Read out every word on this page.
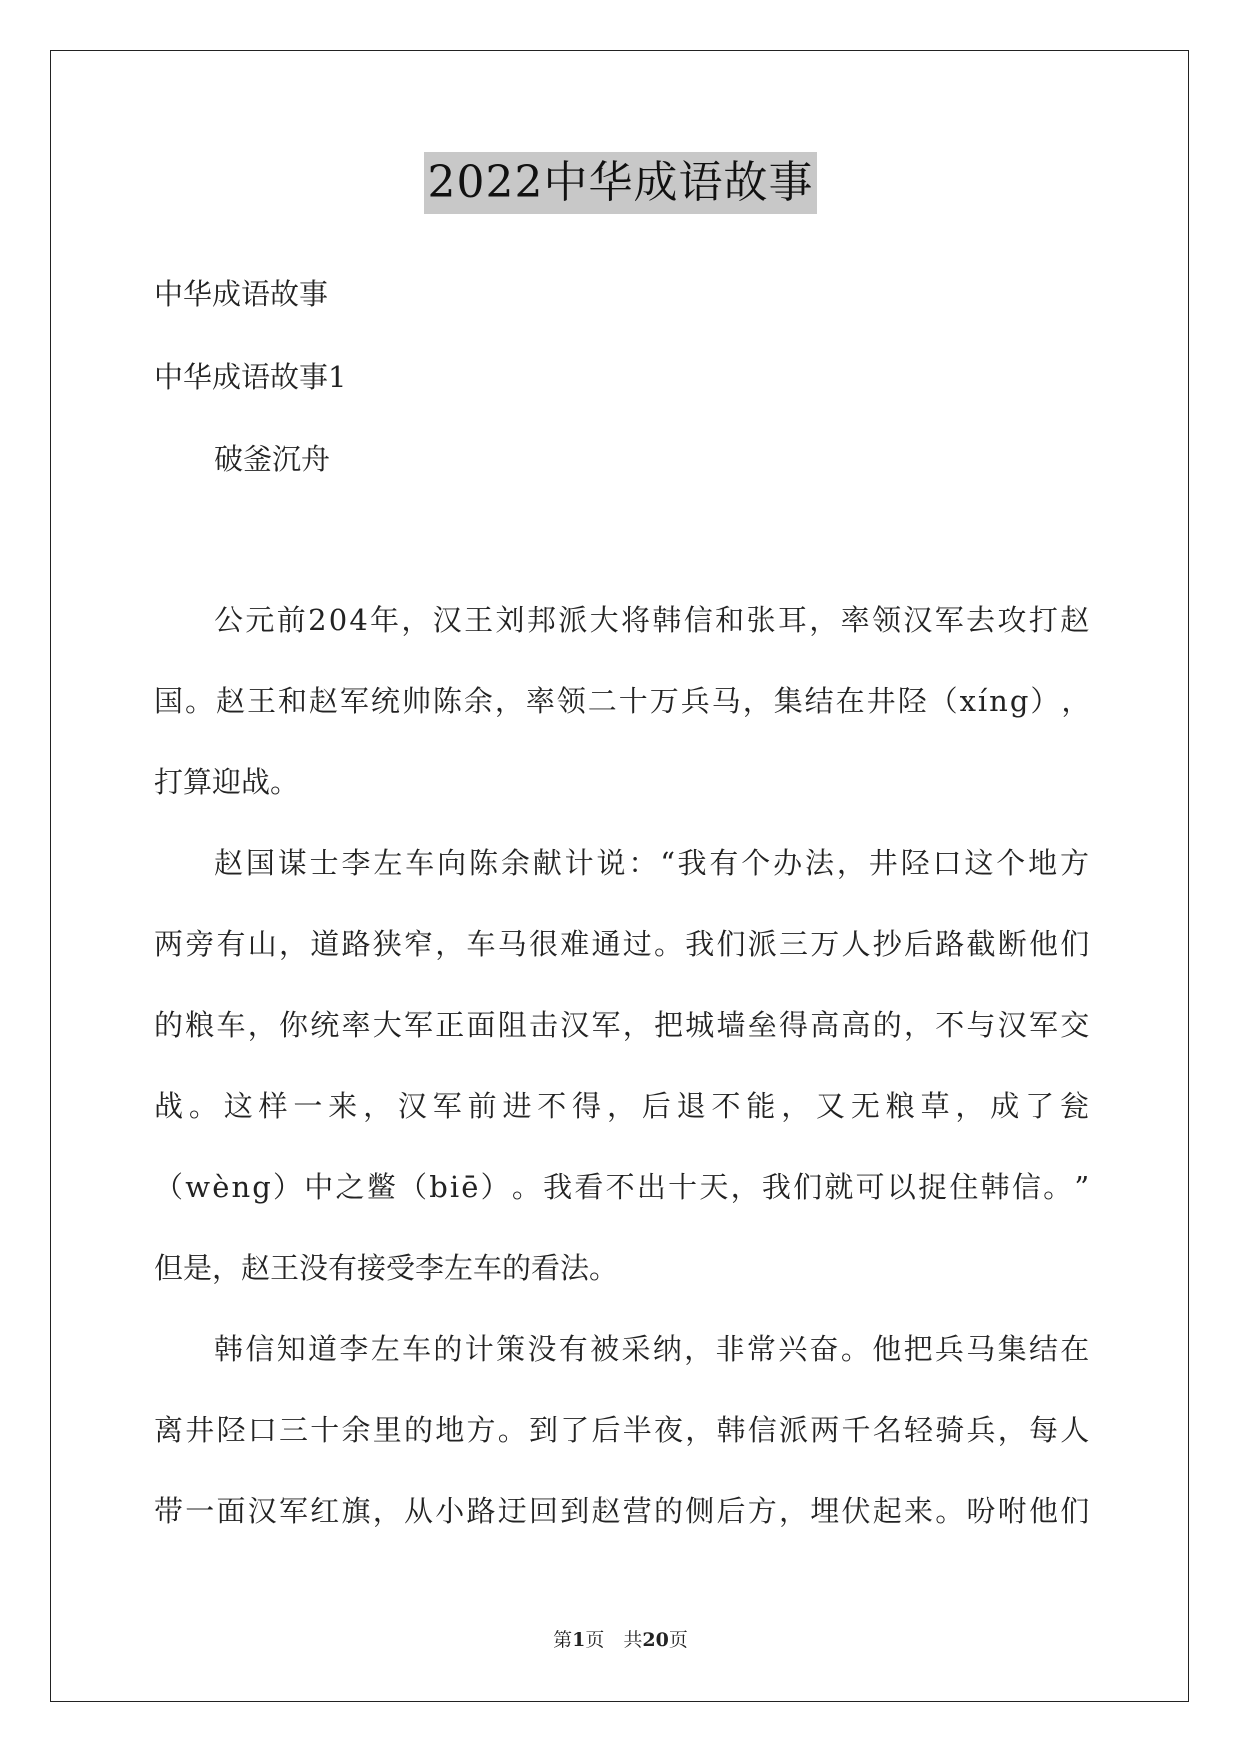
2022中华成语故事
中华成语故事
中华成语故事1
破釜沉舟
公 元 前 2 0 4 年 ， 汉 王 刘 邦 派 大 将 韩 信 和 张 耳 ， 率 领 汉 军 去 攻 打 赵
国 。 赵 王 和 赵 军 统 帅 陈 余 ， 率 领 二 十 万 兵 马 ， 集 结 在 井 陉 （ x í n g ） ，
打算迎战。
赵 国 谋 士 李 左 车 向 陈 余 献 计 说 ： “ 我 有 个 办 法 ， 井 陉 口 这 个 地 方
两 旁 有 山 ， 道 路 狭 窄 ， 车 马 很 难 通 过 。 我 们 派 三 万 人 抄 后 路 截 断 他 们
的 粮 车 ， 你 统 率 大 军 正 面 阻 击 汉 军 ， 把 城 墙 垒 得 高 高 的 ， 不 与 汉 军 交
战 。 这 样 一 来 ， 汉 军 前 进 不 得 ， 后 退 不 能 ， 又 无 粮 草 ， 成 了 瓮
（ w è n g ） 中 之 鳖 （ b i ē ） 。 我 看 不 出 十 天 ， 我 们 就 可 以 捉 住 韩 信 。 ”
但是，赵王没有接受李左车的看法。
韩 信 知 道 李 左 车 的 计 策 没 有 被 采 纳 ， 非 常 兴 奋 。 他 把 兵 马 集 结 在
离 井 陉 口 三 十 余 里 的 地 方 。 到 了 后 半 夜 ， 韩 信 派 两 千 名 轻 骑 兵 ， 每 人
带 一 面 汉 军 红 旗 ， 从 小 路 迂 回 到 赵 营 的 侧 后 方 ， 埋 伏 起 来 。 吩 咐 他 们
第1页　共20页
